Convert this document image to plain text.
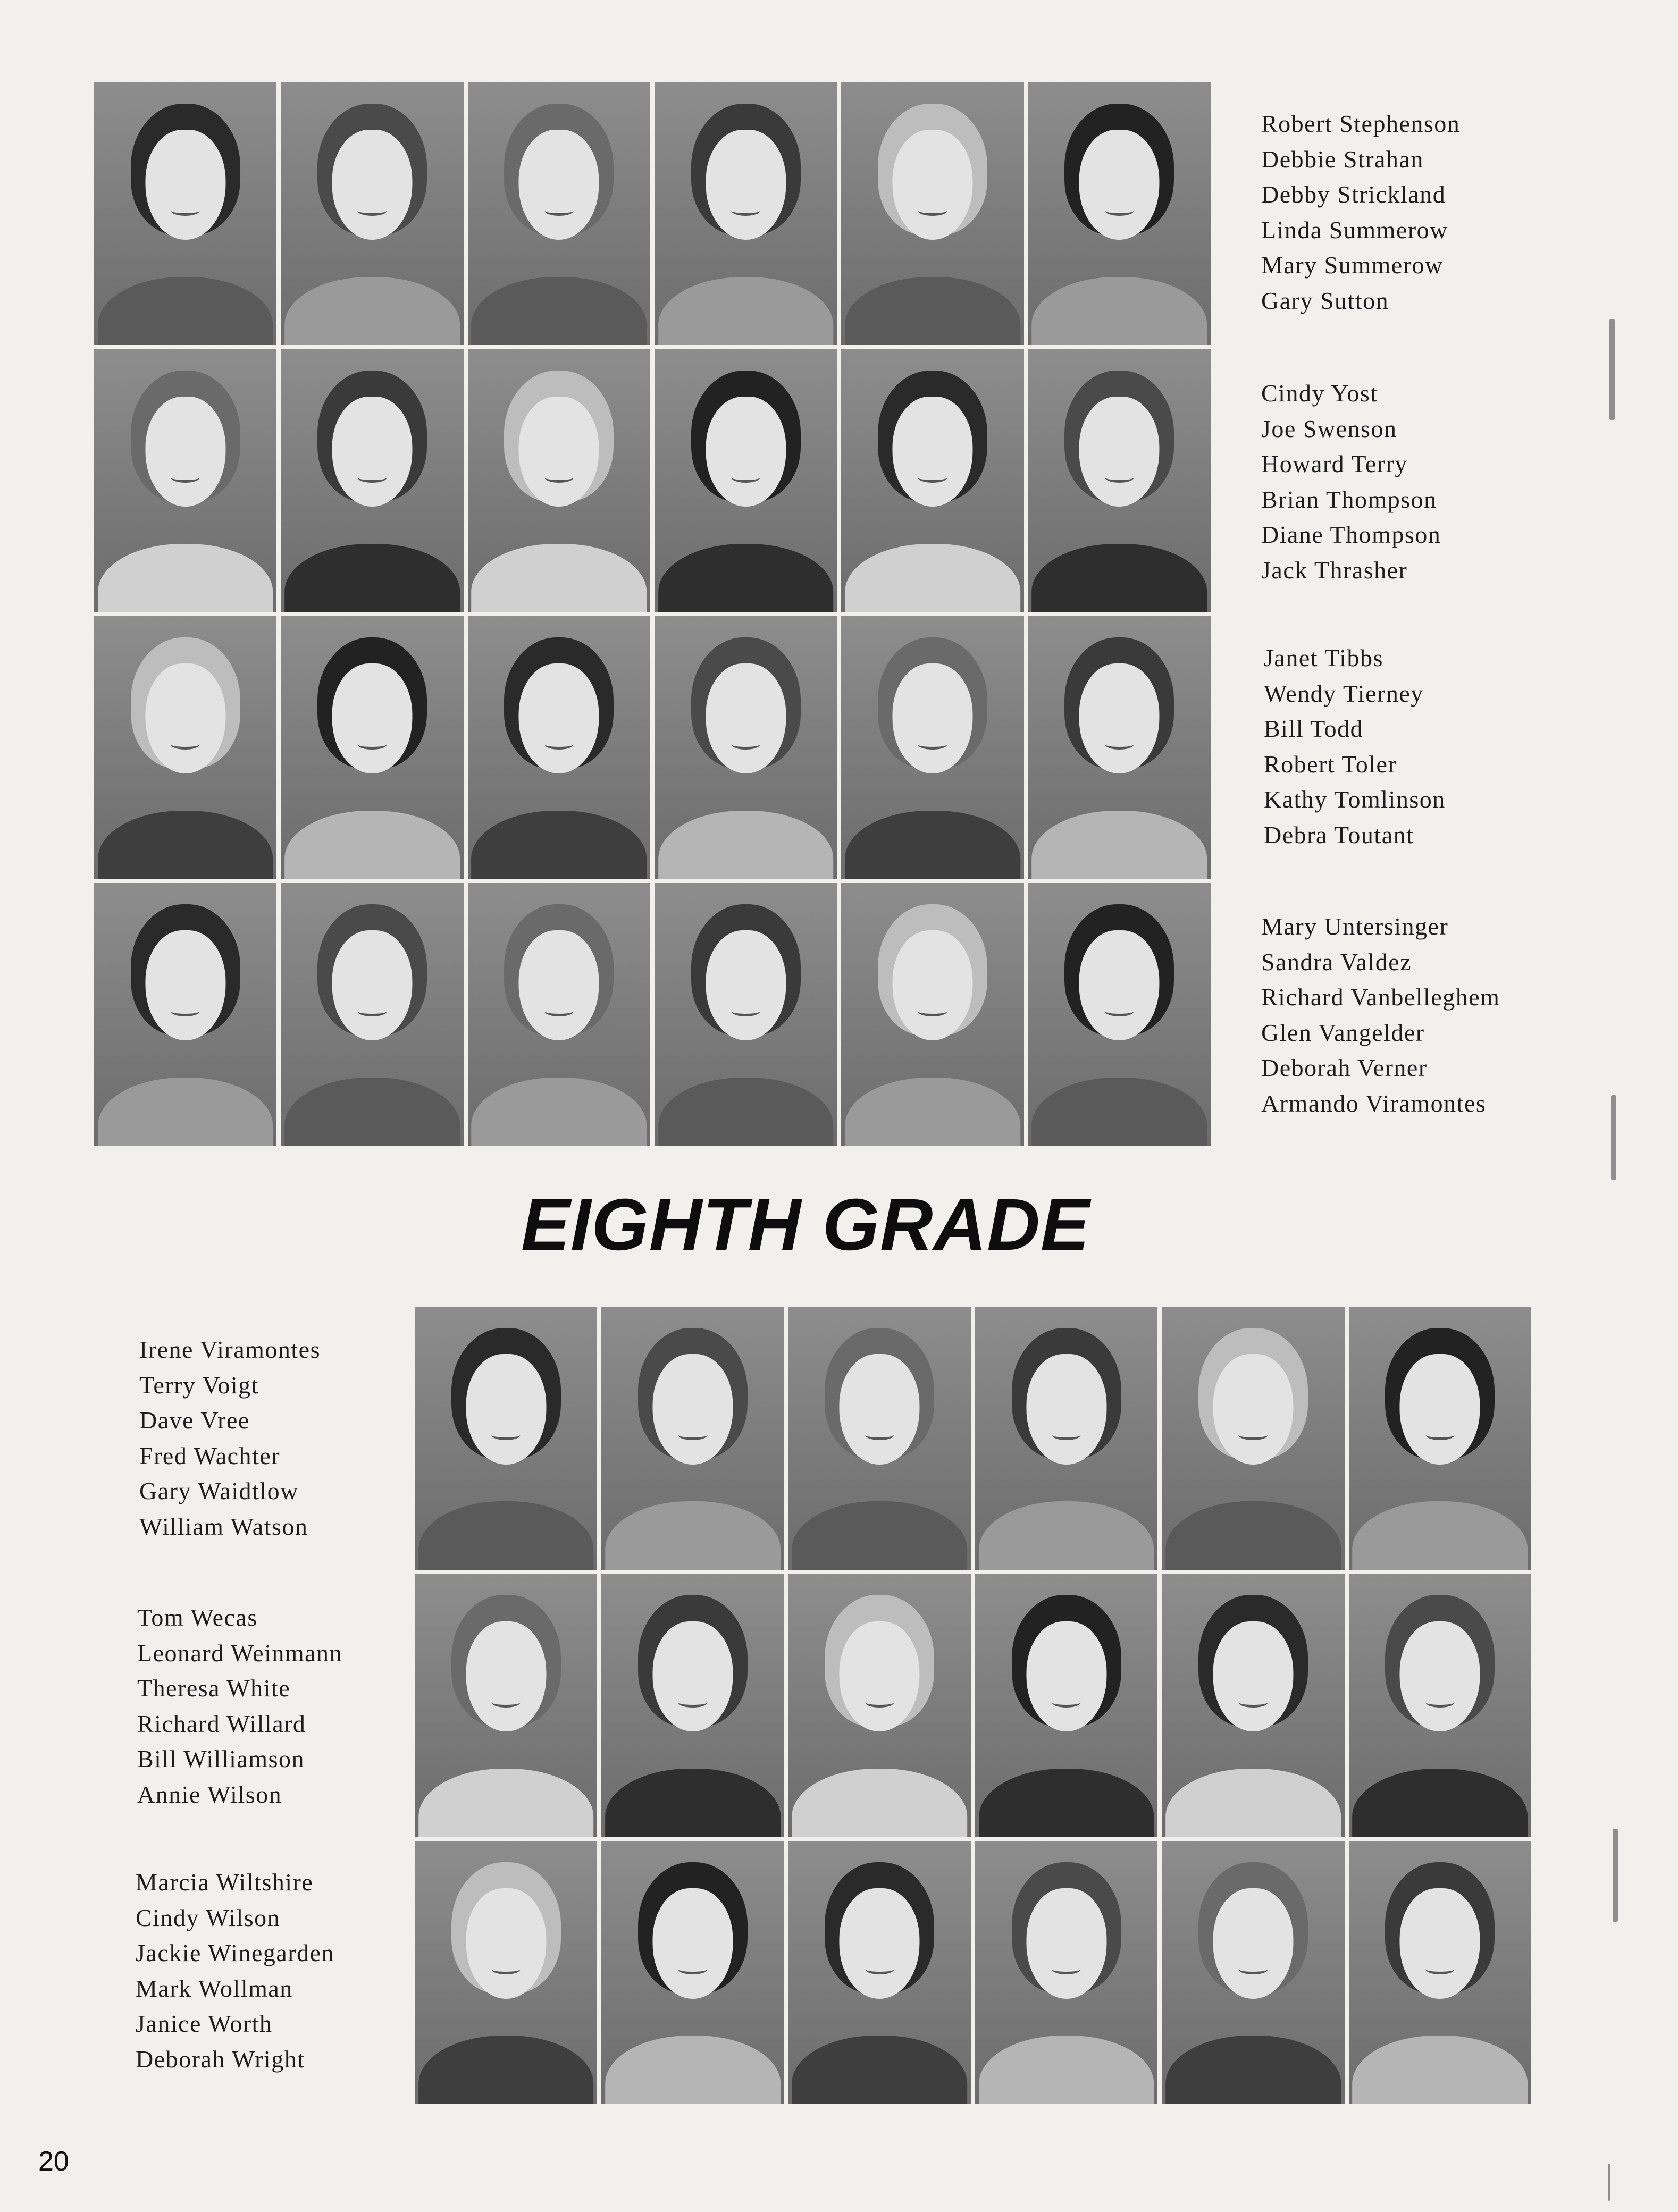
Robert Stephenson
Debbie Strahan
Debby Strickland
Linda Summerow
Mary Summerow
Gary Sutton
Cindy Yost
Joe Swenson
Howard Terry
Brian Thompson
Diane Thompson
Jack Thrasher
Janet Tibbs
Wendy Tierney
Bill Todd
Robert Toler
Kathy Tomlinson
Debra Toutant
Mary Untersinger
Sandra Valdez
Richard Vanbelleghem
Glen Vangelder
Deborah Verner
Armando Viramontes
EIGHTH GRADE
Irene Viramontes
Terry Voigt
Dave Vree
Fred Wachter
Gary Waidtlow
William Watson
Tom Wecas
Leonard Weinmann
Theresa White
Richard Willard
Bill Williamson
Annie Wilson
Marcia Wiltshire
Cindy Wilson
Jackie Winegarden
Mark Wollman
Janice Worth
Deborah Wright
20
